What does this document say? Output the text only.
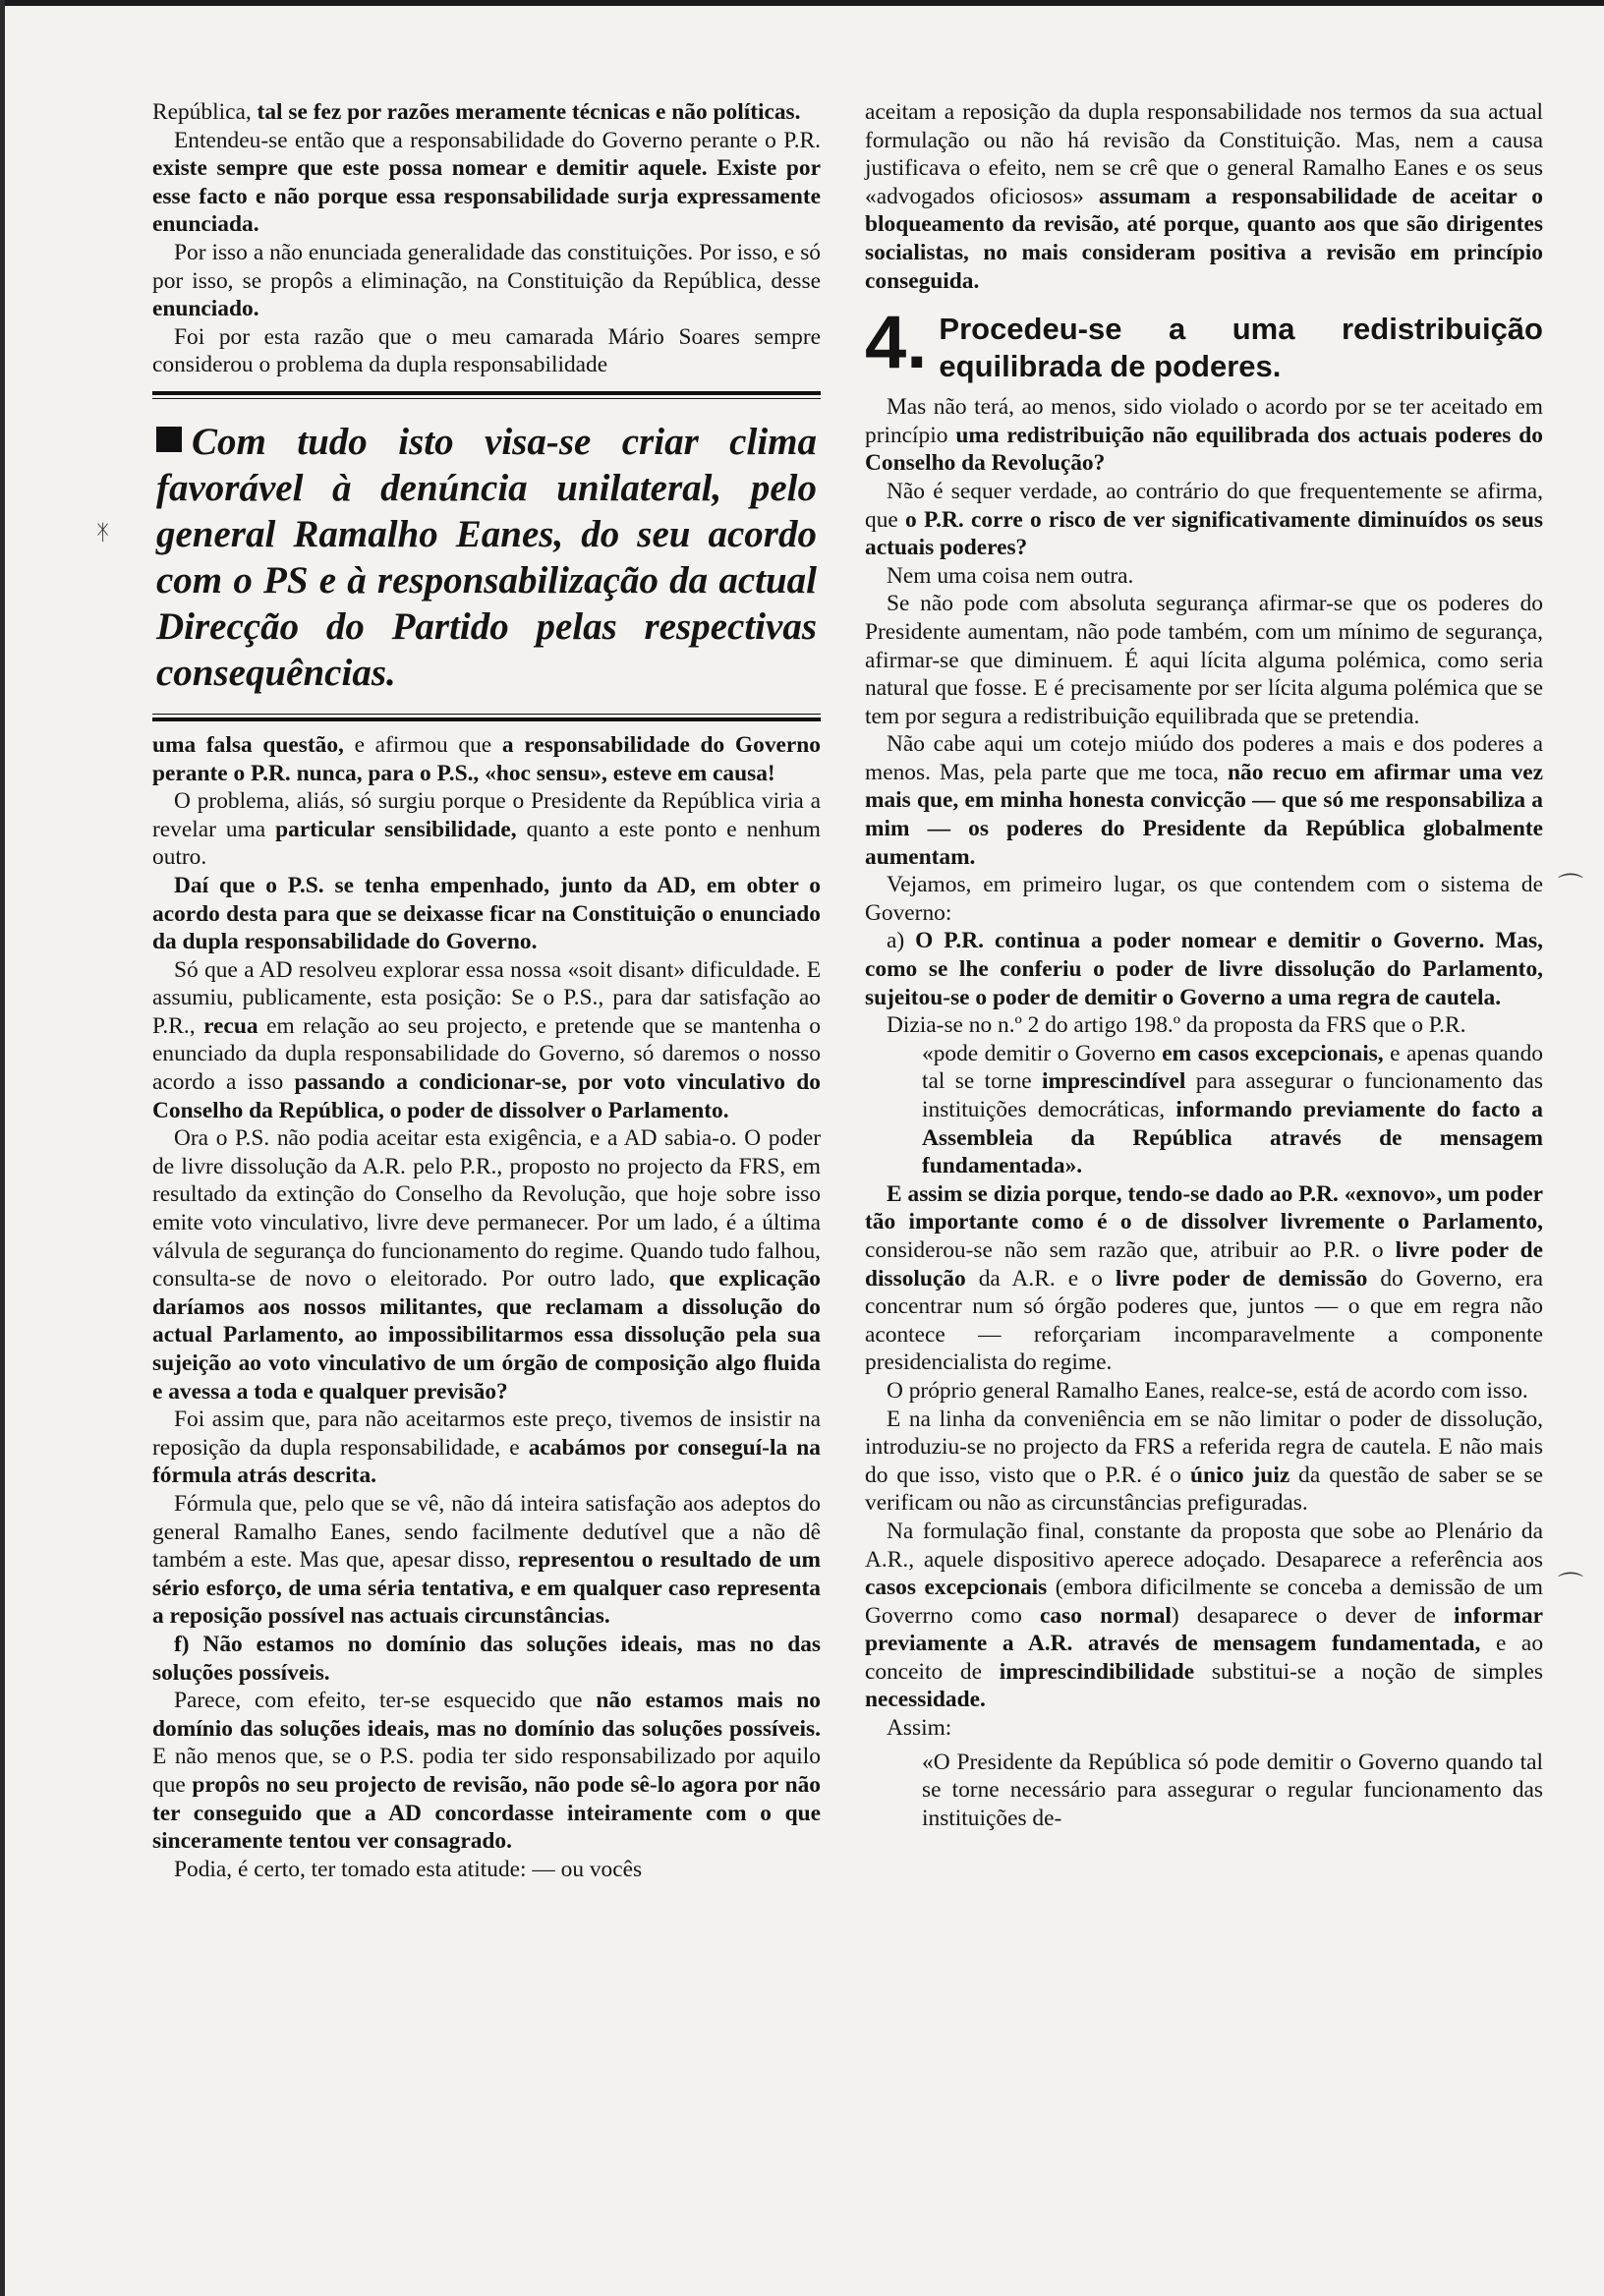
ᛡ
⌒
⌒

República, tal se fez por razões meramente técnicas e não políticas.

Entendeu-se então que a responsabilidade do Governo perante o P.R. existe sempre que este possa nomear e demitir aquele. Existe por esse facto e não porque essa responsabilidade surja expressamente enunciada.

Por isso a não enunciada generalidade das constituições. Por isso, e só por isso, se propôs a eliminação, na Constituição da República, desse enunciado.

Foi por esta razão que o meu camarada Mário Soares sempre considerou o problema da dupla responsabilidade

Com tudo isto visa-se criar clima favorável à denúncia unilateral, pelo general Ramalho Eanes, do seu acordo com o PS e à responsabilização da actual Direcção do Partido pelas respectivas consequências.

uma falsa questão, e afirmou que a responsabilidade do Governo perante o P.R. nunca, para o P.S., «hoc sensu», esteve em causa!

O problema, aliás, só surgiu porque o Presidente da República viria a revelar uma particular sensibilidade, quanto a este ponto e nenhum outro.

Daí que o P.S. se tenha empenhado, junto da AD, em obter o acordo desta para que se deixasse ficar na Constituição o enunciado da dupla responsabilidade do Governo.

Só que a AD resolveu explorar essa nossa «soit disant» dificuldade. E assumiu, publicamente, esta posição: Se o P.S., para dar satisfação ao P.R., recua em relação ao seu projecto, e pretende que se mantenha o enunciado da dupla responsabilidade do Governo, só daremos o nosso acordo a isso passando a condicionar-se, por voto vinculativo do Conselho da República, o poder de dissolver o Parlamento.

Ora o P.S. não podia aceitar esta exigência, e a AD sabia-o. O poder de livre dissolução da A.R. pelo P.R., proposto no projecto da FRS, em resultado da extinção do Conselho da Revolução, que hoje sobre isso emite voto vinculativo, livre deve permanecer. Por um lado, é a última válvula de segurança do funcionamento do regime. Quando tudo falhou, consulta-se de novo o eleitorado. Por outro lado, que explicação daríamos aos nossos militantes, que reclamam a dissolução do actual Parlamento, ao impossibilitarmos essa dissolução pela sua sujeição ao voto vinculativo de um órgão de composição algo fluida e avessa a toda e qualquer previsão?

Foi assim que, para não aceitarmos este preço, tivemos de insistir na reposição da dupla responsabilidade, e acabámos por conseguí-la na fórmula atrás descrita.

Fórmula que, pelo que se vê, não dá inteira satisfação aos adeptos do general Ramalho Eanes, sendo facilmente dedutível que a não dê também a este. Mas que, apesar disso, representou o resultado de um sério esforço, de uma séria tentativa, e em qualquer caso representa a reposição possível nas actuais circunstâncias.

f) Não estamos no domínio das soluções ideais, mas no das soluções possíveis.

Parece, com efeito, ter-se esquecido que não estamos mais no domínio das soluções ideais, mas no domínio das soluções possíveis. E não menos que, se o P.S. podia ter sido responsabilizado por aquilo que propôs no seu projecto de revisão, não pode sê-lo agora por não ter conseguido que a AD concordasse inteiramente com o que sinceramente tentou ver consagrado.

Podia, é certo, ter tomado esta atitude: — ou vocês

aceitam a reposição da dupla responsabilidade nos termos da sua actual formulação ou não há revisão da Constituição. Mas, nem a causa justificava o efeito, nem se crê que o general Ramalho Eanes e os seus «advogados oficiosos» assumam a responsabilidade de aceitar o bloqueamento da revisão, até porque, quanto aos que são dirigentes socialistas, no mais consideram positiva a revisão em princípio conseguida.

4. Procedeu-se a uma redistribuição equilibrada de poderes.

Mas não terá, ao menos, sido violado o acordo por se ter aceitado em princípio uma redistribuição não equilibrada dos actuais poderes do Conselho da Revolução?

Não é sequer verdade, ao contrário do que frequentemente se afirma, que o P.R. corre o risco de ver significativamente diminuídos os seus actuais poderes?

Nem uma coisa nem outra.

Se não pode com absoluta segurança afirmar-se que os poderes do Presidente aumentam, não pode também, com um mínimo de segurança, afirmar-se que diminuem. É aqui lícita alguma polémica, como seria natural que fosse. E é precisamente por ser lícita alguma polémica que se tem por segura a redistribuição equilibrada que se pretendia.

Não cabe aqui um cotejo miúdo dos poderes a mais e dos poderes a menos. Mas, pela parte que me toca, não recuo em afirmar uma vez mais que, em minha honesta convicção — que só me responsabiliza a mim — os poderes do Presidente da República globalmente aumentam.

Vejamos, em primeiro lugar, os que contendem com o sistema de Governo:

a) O P.R. continua a poder nomear e demitir o Governo. Mas, como se lhe conferiu o poder de livre dissolução do Parlamento, sujeitou-se o poder de demitir o Governo a uma regra de cautela.

Dizia-se no n.º 2 do artigo 198.º da proposta da FRS que o P.R.

«pode demitir o Governo em casos excepcionais, e apenas quando tal se torne imprescindível para assegurar o funcionamento das instituições democráticas, informando previamente do facto a Assembleia da República através de mensagem fundamentada».

E assim se dizia porque, tendo-se dado ao P.R. «exnovo», um poder tão importante como é o de dissolver livremente o Parlamento, considerou-se não sem razão que, atribuir ao P.R. o livre poder de dissolução da A.R. e o livre poder de demissão do Governo, era concentrar num só órgão poderes que, juntos — o que em regra não acontece — reforçariam incomparavelmente a componente presidencialista do regime.

O próprio general Ramalho Eanes, realce-se, está de acordo com isso.

E na linha da conveniência em se não limitar o poder de dissolução, introduziu-se no projecto da FRS a referida regra de cautela. E não mais do que isso, visto que o P.R. é o único juiz da questão de saber se se verificam ou não as circunstâncias prefiguradas.

Na formulação final, constante da proposta que sobe ao Plenário da A.R., aquele dispositivo aperece adoçado. Desaparece a referência aos casos excepcionais (embora dificilmente se conceba a demissão de um Goverrno como caso normal) desaparece o dever de informar previamente a A.R. através de mensagem fundamentada, e ao conceito de imprescindibilidade substitui-se a noção de simples necessidade.

Assim:

«O Presidente da República só pode demitir o Governo quando tal se torne necessário para assegurar o regular funcionamento das instituições de-
